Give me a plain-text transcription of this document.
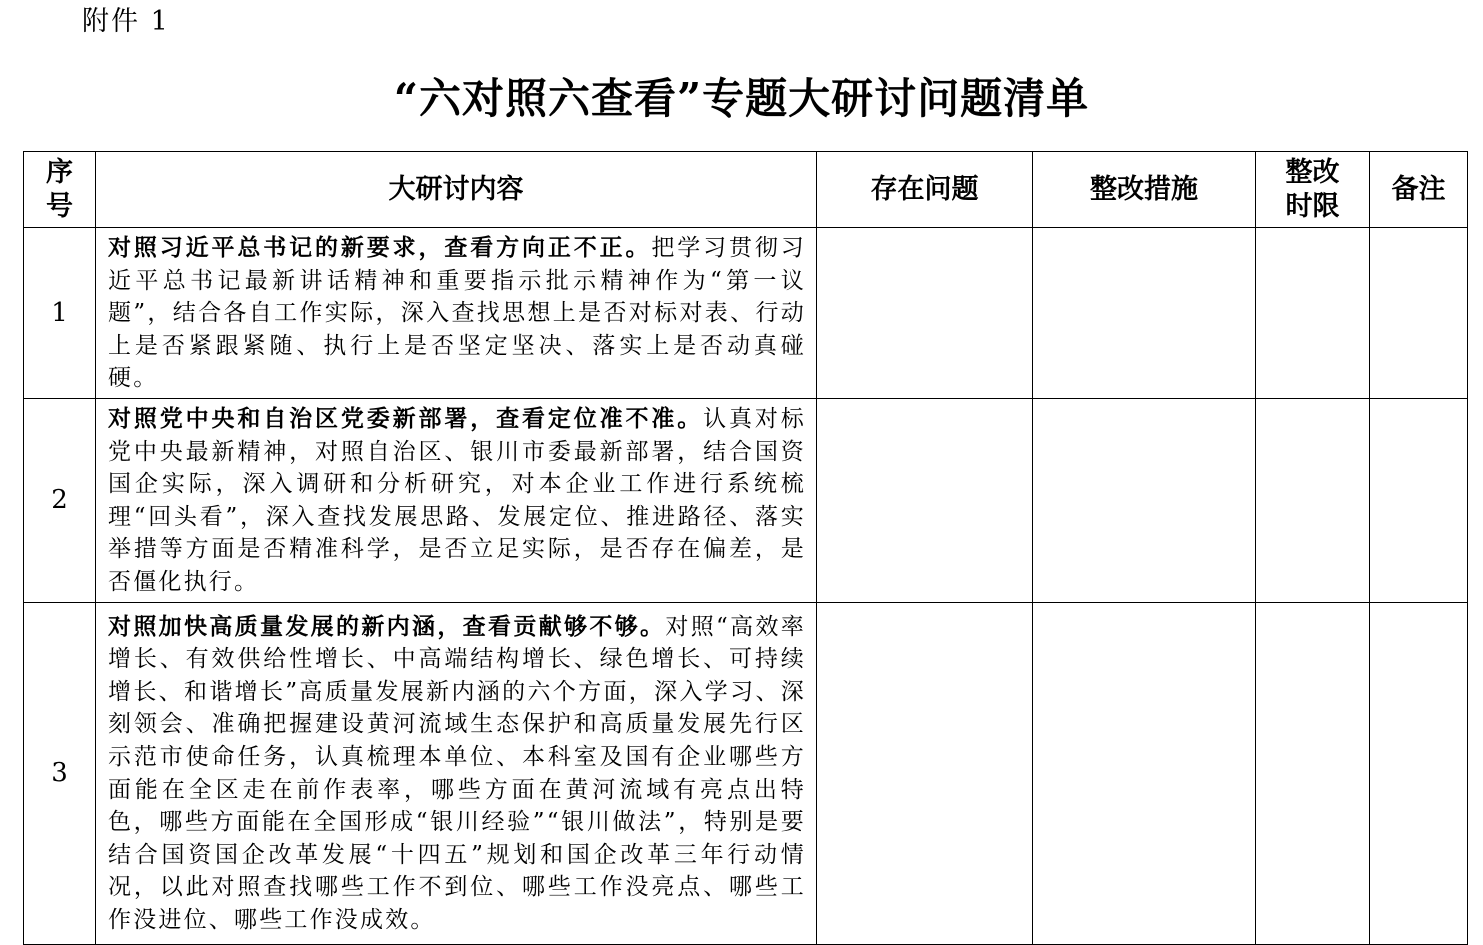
附件 1
“六对照六查看”专题大研讨问题清单
序号	大研讨内容	存在问题	整改措施	整改时限	备注
1	对照习近平总书记的新要求，查看方向正不正。把学习贯彻习近平总书记最新讲话精神和重要指示批示精神作为“第一议题”，结合各自工作实际，深入查找思想上是否对标对表、行动上是否紧跟紧随、执行上是否坚定坚决、落实上是否动真碰硬。				
2	对照党中央和自治区党委新部署，查看定位准不准。认真对标党中央最新精神，对照自治区、银川市委最新部署，结合国资国企实际，深入调研和分析研究，对本企业工作进行系统梳理“回头看”，深入查找发展思路、发展定位、推进路径、落实举措等方面是否精准科学，是否立足实际，是否存在偏差，是否僵化执行。				
3	对照加快高质量发展的新内涵，查看贡献够不够。对照“高效率增长、有效供给性增长、中高端结构增长、绿色增长、可持续增长、和谐增长”高质量发展新内涵的六个方面，深入学习、深刻领会、准确把握建设黄河流域生态保护和高质量发展先行区示范市使命任务，认真梳理本单位、本科室及国有企业哪些方面能在全区走在前作表率，哪些方面在黄河流域有亮点出特色，哪些方面能在全国形成“银川经验”“银川做法”，特别是要结合国资国企改革发展“十四五”规划和国企改革三年行动情况，以此对照查找哪些工作不到位、哪些工作没亮点、哪些工作没进位、哪些工作没成效。				
